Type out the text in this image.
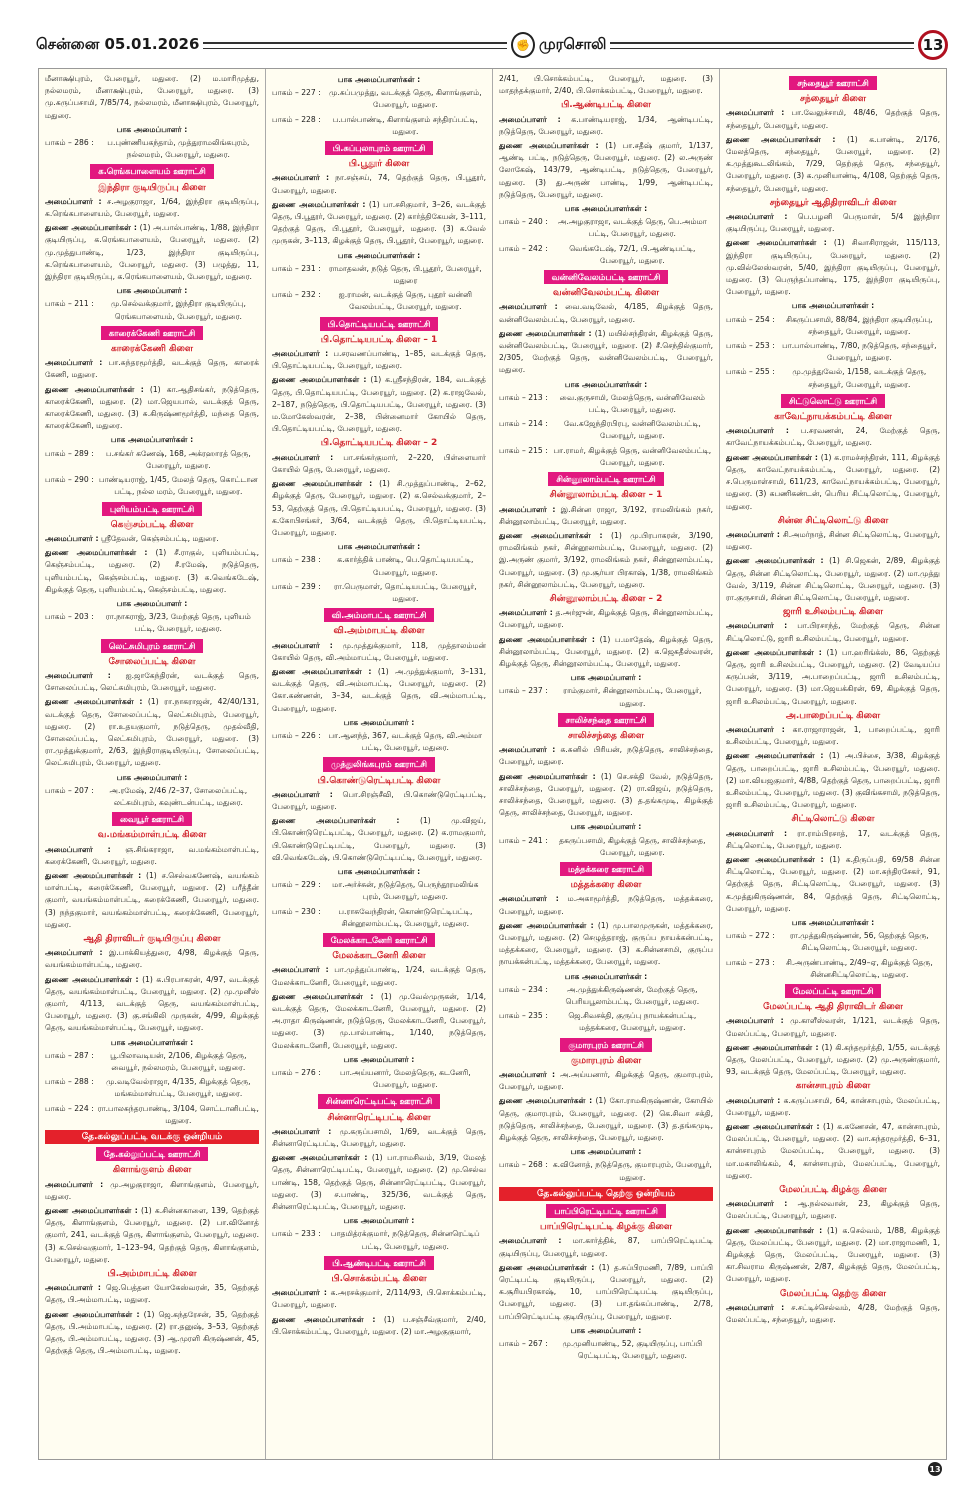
சென்னை 05.01.2026	✊ முரசொலி	13

மீனாக்ஷிபுரம், பேரையூர், மதுரை. (2) ம.மாரிமுத்து, நல்லமரம், மீனாக்ஷிபுரம், பேரையூர், மதுரை. (3) மு.கருப்பசாமி, 7/85/74, நல்லமரம், மீனாக்ஷிபுரம், பேரையூர், மதுரை.

பாக அமைப்பாளர் :
பாகம் – 286 :	ப.புண்ணியகந்தாம், முத்துராமலிங்கபுரம், நல்லமரம், பேரையூர், மதுரை.
க.ரெங்கபாளையம் ஊராட்சி
இந்திரா குடியிருப்பு கிளை

அமைப்பாளர் : ச.அழகுராஜா, 1/64, இந்திரா குடியிருப்பு, க.ரெங்கபாளையம், பேரையூர், மதுரை.

துணை அமைப்பாளர்கள் : (1) அ.பால்பாண்டி, 1/88, இந்திரா குடியிருப்பு, க.ரெங்கபாளையம், பேரையூர், மதுரை. (2) மு.முத்துபாண்டி, 1/23, இந்திரா குடியிருப்பு, க.ரெங்கபாளையம், பேரையூர், மதுரை. (3) பழுத்து, 11, இந்திரா குடியிருப்பு, க.ரெங்கபாளையம், பேரையூர், மதுரை.

பாக அமைப்பாளர் :
பாகம் – 211 :	மு.செல்வக்குமார், இந்திரா குடியிருப்பு, ரெங்கபாளையம், பேரையூர், மதுரை.
காரைக்கேணி ஊராட்சி
காரைக்கேணி கிளை

அமைப்பாளர் : பா.சுந்தரமூர்த்தி, வடக்குத் தெரு, காரைக் கேணி, மதுரை.

துணை அமைப்பாளர்கள் : (1) கா.ஆதிசங்கர், நடுத்தெரு, காரைக்கேணி, மதுரை. (2) மா.ஜெயபால், வடக்குத் தெரு, காரைக்கேணி, மதுரை. (3) சு.கிருஷ்ணமூர்த்தி, மந்தை தெரு, காரைக்கேணி, மதுரை.

பாக அமைப்பாளர்கள் :
பாகம் – 289 :	ப.சங்கர் கணேஷ், 168, அக்ரஹாரத் தெரு, பேரையூர், மதுரை.
பாகம் – 290 : பாண்டியராஜ், 1/45, மேலத் தெரு, கொட்டான பட்டி, நல்ல மரம், பேரையூர், மதுரை.
புளியம்பட்டி ஊராட்சி
கெஞ்சம்பட்டி கிளை

அமைப்பாளர் : ஸ்ரீதேவன், கெஞ்சம்பட்டி, மதுரை.

துணை அமைப்பாளர்கள் : (1) சீ.ராகுல், புளியம்பட்டி, கெஞ்சம்பட்டி, மதுரை. (2) சீ.ரமேஷ், நடுத்தெரு, புளியம்பட்டி, கெஞ்சம்பட்டி, மதுரை. (3) க.வெங்கடேஷ், கிழக்குத் தெரு, புளியம்பட்டி, கெஞ்சம்பட்டி, மதுரை.

பாக அமைப்பாளர் :
பாகம் – 203 :	ரா.நாகராஜ், 3/23, மேற்குத் தெரு, புளியம் பட்டி, பேரையூர், மதுரை.
லெட்சுமிபுரம் ஊராட்சி
சோலைப்பட்டி கிளை

அமைப்பாளர் : ஐ.ஜாகேந்திரன், வடக்குத் தெரு, சோலைப்பட்டி, லெட்சுமிபுரம், பேரையூர், மதுரை.

துணை அமைப்பாளர்கள் : (1) ரா.நாகராஜன், 42/40/131, வடக்குத் தெரு, சோலைப்பட்டி, லெட்சுமிபுரம், பேரையூர், மதுரை. (2) ரா.உதயகுமார், நடுத்தெரு, முதல்வீதி, சோலைப்பட்டி, லெட்சுமிபுரம், பேரையூர், மதுரை. (3) ரா.முத்துக்குமார், 2/63, இந்திராகுடியிருப்பு, சோலைப்பட்டி, லெட்சுமிபுரம், பேரையூர், மதுரை.

பாக அமைப்பாளர் :
பாகம் – 207 :	அ.ரமேஷ், 2/46 /2–37, சோலைப்பட்டி, லட்சுமிபுரம், கவுண்டன்பட்டி, மதுரை.
வையூர் ஊராட்சி
வ.மங்கம்மாள்பட்டி கிளை

அமைப்பாளர் : ஞ.சிங்கராஜா, வ.மங்கம்மாள்பட்டி, கரைக்கேணி, பேரையூர், மதுரை.

துணை அமைப்பாளர்கள் : (1) ச.செல்வகணேஷ், வயங்கம் மாள்பட்டி, கரைக்கேணி, பேரையூர், மதுரை. (2) பரீத்தீன் குமார், வயங்கம்மாள்பட்டி, கரைக்கேணி, பேரையூர், மதுரை. (3) நந்தகுமார், வயங்கம்மாள்பட்டி, கரைக்கேணி, பேரையூர், மதுரை.

ஆதி திராவிடர் குடியிருப்பு கிளை

அமைப்பாளர் : இ.பாக்கியத்துரை, 4/98, கிழக்குத் தெரு, வயங்கம்மாள்பட்டி, மதுரை.

துணை அமைப்பாளர்கள் : (1) க.பிரபாகரன், 4/97, வடக்குத் தெரு, வயங்கம்மாள்பட்டி, பேரையூர், மதுரை. (2) மு.முனீஸ் குமார், 4/113, வடக்குத் தெரு, வயங்கம்மாள்பட்டி, பேரையூர், மதுரை. (3) கு.சங்கிலி முருகன், 4/99, கிழக்குத் தெரு, வயங்கம்மாள்பட்டி, பேரையூர், மதுரை.

பாக அமைப்பாளர்கள் :
பாகம் – 287 :	பூ.பிலாவடியன், 2/106, கிழக்குத் தெரு, வையூர், நல்லமரம், பேரையூர், மதுரை.
பாகம் – 288 :	மு.வடிவேல்ராஜா, 4/135, கிழக்குத் தெரு, மங்கம்மாள்பட்டி, பேரையூர், மதுரை.
பாகம் – 224 : ரா.பாலசுந்தரபாண்டி, 3/104, சொட்டானிபட்டி, மதுரை.
தே.கல்லுப்பட்டி வடக்கு ஒன்றியம்
தே.கல்லுப்பட்டி ஊராட்சி
கிளாங்குளம் கிளை

அமைப்பாளர் : மு.அழகுராஜா, கிளாங்குளம், பேரையூர், மதுரை.

துணை அமைப்பாளர்கள் : (1) க.சின்னகாளை, 139, தெற்குத் தெரு, கிளாங்குளம், பேரையூர், மதுரை. (2) பா.வினோத் குமார், 241, வடக்குத் தெரு, கிளாங்குளம், பேரையூர், மதுரை. (3) க.செல்வகுமார், 1–123–94, தெற்குத் தெரு, கிளாங்குளம், பேரையூர், மதுரை.

பி.அம்மாபட்டி கிளை

அமைப்பாளர் : ஜெ.பெத்தன யோகேஸ்வரன், 35, தெற்குத் தெரு, பி.அம்மாபட்டி, மதுரை.

துணை அமைப்பாளர்கள் : (1) ஜெ.கந்தரேசன், 35, தெற்குத் தெரு, பி.அம்மாபட்டி, மதுரை. (2) ரா.தனுஷ், 3–53, தெற்குத் தெரு, பி.அம்மாபட்டி, மதுரை. (3) ஆ.முரளி கிருஷ்ணன், 45, தெற்குத் தெரு, பி.அம்மாபட்டி, மதுரை.

பாக அமைப்பாளர்கள் :
பாகம் – 227 :	மு.சுப்பமுத்து, வடக்குத் தெரு, கிளாங்குளம், பேரையூர், மதுரை.
பாகம் – 228 :	ப.பால்பாண்டி, கிளாங்குளம் சந்திரப்பட்டி, மதுரை.
பி.சுப்புலாபுரம் ஊராட்சி
பி.பூதூர் கிளை

அமைப்பாளர் : நா.சஞ்சய், 74, தெற்குத் தெரு, பி.பூதூர், பேரையூர், மதுரை.

துணை அமைப்பாளர்கள் : (1) பா.சசிகுமார், 3–26, வடக்குத் தெரு, பி.பூதூர், பேரையூர், மதுரை. (2) கார்த்திகேயன், 3–111, தெற்குத் தெரு, பி.பூதூர், பேரையூர், மதுரை. (3) க.வேல் முருகன், 3–113, கிழக்குத் தெரு, பி.பூதூர், பேரையூர், மதுரை.

பாக அமைப்பாளர்கள் :
பாகம் – 231 :	ராமாதவன், நடுத் தெரு, பி.பூதூர், பேரையூர், மதுரை
பாகம் – 232 :	ஐ.ராமன், வடக்குத் தெரு, புதூர் வன்னி வேலம்பட்டி, பேரையூர், மதுரை.
பி.தொட்டியபட்டி ஊராட்சி
பி.தொட்டியபட்டி கிளை – 1

அமைப்பாளர் : ப.சரவணப்பாண்டி, 1–85, வடக்குத் தெரு, பி.தொட்டியபட்டி, பேரையூர், மதுரை.

துணை அமைப்பாளர்கள் : (1) க.ஸ்ரீசந்திரன், 184, வடக்குத் தெரு, பி.தொட்டியபட்டி, பேரையூர், மதுரை. (2) க.ராஜவேல், 2–187, நடுத்தெரு, பி.தொட்டியபட்டி, பேரையூர், மதுரை. (3) ம.மோகேஸ்வரன், 2–38, பின்னைமார் கோயில் தெரு, பி.தொட்டியபட்டி, பேரையூர், மதுரை.

பி.தொட்டியபட்டி கிளை – 2

அமைப்பாளர் : பா.சங்கர்குமார், 2–220, பிள்ளையார் கோயில் தெரு, பேரையூர், மதுரை.

துணை அமைப்பாளர்கள் : (1) சி.முத்துப்பாண்டி, 2–62, கிழக்குத் தெரு, பேரையூர், மதுரை. (2) க.செல்வக்குமார், 2–53, தெற்குத் தெரு, பி.தொட்டியபட்டி, பேரையூர், மதுரை. (3) க.கோபிசங்கர், 3/64, வடக்குத் தெரு, பி.தொட்டியபட்டி, பேரையூர், மதுரை.

பாக அமைப்பாளர்கள் :
பாகம் – 238 :	க.கார்த்திக் பாண்டி, பெ.தொட்டியபட்டி, பேரையூர், மதுரை.
பாகம் – 239 :	ரா.பெருமாள், தொட்டியபட்டி, பேரையூர், மதுரை.
வி.அம்மாபட்டி ஊராட்சி
வி.அம்மாபட்டி கிளை

அமைப்பாளர் : மு.முத்துக்குமார், 118, முத்தாலம்மன் கோயில் தெரு, வி.அம்மாபட்டி, பேரையூர், மதுரை.

துணை அமைப்பாளர்கள் : (1) அ.முத்துக்குமார், 3–131, வடக்குத் தெரு, வி.அம்மாபட்டி, பேரையூர், மதுரை. (2) கோ.கண்ணன், 3–34, வடக்குத் தெரு, வி.அம்மாபட்டி, பேரையூர், மதுரை.

பாக அமைப்பாளர் :
பாகம் – 226 :	பா.ஆனந்த், 367, வடக்குத் தெரு, வி.அம்மா பட்டி, பேரையூர், மதுரை.
முத்துலிங்கபுரம் ஊராட்சி
பி.கொண்டுரெட்டிபட்டி கிளை

அமைப்பாளர் : பொ.சிரஞ்சீவி, பி.கொண்டுரெட்டிபட்டி, பேரையூர், மதுரை.

துணை அமைப்பாளர்கள் :	(1) மு.விஜய், பி.கொண்டுரெட்டிபட்டி, பேரையூர், மதுரை. (2) க.ராமகுமார், பி.கொண்டுரெட்டிபட்டி, பேரையூர், மதுரை. (3) வி.வெங்கடேஷ், பி.கொண்டுரெட்டிபட்டி, பேரையூர், மதுரை.

பாக அமைப்பாளர்கள் :
பாகம் – 229 :	மா.அர்ச்சுன், நடுத்தெரு, பெருந்தூரமலிங்க புரம், பேரையூர், மதுரை.
பாகம் – 230 :	ப.ராசுவேந்திரன், கொண்டுரெட்டிபட்டி, சின்னூலாம்பட்டி, பேரையூர், மதுரை.
மேலக்காடனேரி ஊராட்சி
மேலக்காடனேரி கிளை

அமைப்பாளர் : பா.முத்துப்பாண்டி, 1/24, வடக்குத் தெரு, மேலக்காடனேரி, பேரையூர், மதுரை.

துணை அமைப்பாளர்கள் : (1) மு.வேல்முருகன், 1/14, வடக்குத் தெரு, மேலக்காடனேரி, பேரையூர், மதுரை. (2) அ.ராதா கிருஷ்ணன், நடுத்தெரு, மேலக்காடனேரி, பேரையூர், மதுரை. (3) மு.பால்பாண்டி, 1/140, நடுத்தெரு, மேலக்காடனேரி, பேரையூர், மதுரை.

பாக அமைப்பாளர் :
பாகம் – 276 :	பா.அய்யனார், மேலத்தெரு, கடனேரி, பேரையூர், மதுரை.
சின்னாரெட்டிபட்டி ஊராட்சி
சின்னாரெட்டிபட்டி கிளை

அமைப்பாளர் : மு.கருப்பசாமி, 1/69, வடக்குத் தெரு, சின்னாரெட்டிபட்டி, பேரையூர், மதுரை.

துணை அமைப்பாளர்கள் : (1) பா.ராமசிவம், 3/19, மேலத் தெரு, சின்னாரெட்டிபட்டி, பேரையூர், மதுரை. (2) மு.செல்வ பாண்டி, 158, தெற்குத் தெரு, சின்னாரெட்டிபட்டி, பேரையூர், மதுரை. (3) ச.பாண்டி, 325/36, வடக்குத் தெரு, சின்னாரெட்டிபட்டி, பேரையூர், மதுரை.

பாக அமைப்பாளர் :
பாகம் – 233 :	பாதமித்ரக்குமார், நடுத்தெரு, சின்னரெட்டிப் பட்டி, பேரையூர், மதுரை.
பி.ஆண்டிபட்டி ஊராட்சி
பி.சொக்கம்பட்டி கிளை

அமைப்பாளர் : க.அரசக்குமார், 2/114/93, பி.சொக்கம்பட்டி, பேரையூர், மதுரை.

துணை அமைப்பாளர்கள் : (1) ப.சஞ்சீவ்குமார், 2/40, பி.சொக்கம்பட்டி, பேரையூர், மதுரை. (2) மா.அழகுகுமார்,

2/41, பி.சொக்கம்பட்டி, பேரையூர், மதுரை. (3) மாதந்தக்குமார், 2/40, பி.சொக்கம்பட்டி, பேரையூர், மதுரை.

பி.ஆண்டிபட்டி கிளை

அமைப்பாளர் : க.பாண்டியராஜ், 1/34, ஆண்டிபட்டி, நடுத்தெரு, பேரையூர், மதுரை.

துணை அமைப்பாளர்கள் : (1) பா.சதீஷ் குமார், 1/137, ஆண்டி பட்டி, நடுத்தெரு, பேரையூர், மதுரை. (2) ல.அருண் லோகேஷ், 143/79, ஆண்டிபட்டி, நடுத்தெரு, பேரையூர், மதுரை. (3) து.அருண் பாண்டி, 1/99, ஆண்டிபட்டி, நடுத்தெரு, பேரையூர், மதுரை.

பாக அமைப்பாளர்கள் :
பாகம் – 240 :	அ.அழகுராஜா, வடக்குத் தெரு, பெ.அம்மா பட்டி, பேரையூர், மதுரை.
பாகம் – 242 :	வெங்கடேஷ், 72/1, பி.ஆண்டிபட்டி, பேரையூர், மதுரை.
வன்னிவேலம்பட்டி ஊராட்சி
வன்னிவேலம்பட்டி கிளை

அமைப்பாளர் : வை.வடிவேல், 4/185, கிழக்குத் தெரு, வன்னிவேலம்பட்டி, பேரையூர், மதுரை.

துணை அமைப்பாளர்கள் : (1) மயில்சந்திரன், கிழக்குத் தெரு, வன்னிவேலம்பட்டி, பேரையூர், மதுரை. (2) சீ.செந்தில்குமார், 2/305, மேற்குத் தெரு, வன்னிவேலம்பட்டி, பேரையூர், மதுரை.

பாக அமைப்பாளர்கள் :
பாகம் – 213 :	வை.குருசாமி, மேலத்தெரு, வன்னிவேலம் பட்டி, பேரையூர், மதுரை.
பாகம் – 214 :	வே.கஜேந்திரபிரபு, வன்னிவேலம்பட்டி, பேரையூர், மதுரை.
பாகம் – 215 : பா.ராமர், கிழக்குத் தெரு, வன்னிவேலம்பட்டி, பேரையூர், மதுரை.
சின்னூலாம்பட்டி ஊராட்சி
சின்னூலாம்பட்டி கிளை – 1

அமைப்பாளர் : இ.சின்ன ராஜா, 3/192, ராமலிங்கம் நகர், சின்னூலாம்பட்டி, பேரையூர், மதுரை.

துணை அமைப்பாளர்கள் : (1) மு.பிரபாகரன், 3/190, ராமலிங்கம் நகர், சின்னூலாம்பட்டி, பேரையூர், மதுரை. (2) இ.அருண் குமார், 3/192, ராமலிங்கம் நகர், சின்னூலாம்பட்டி, பேரையூர், மதுரை. (3) மு.சூர்யா பிரகாஷ், 1/38, ராமலிங்கம் நகர், சின்னூலாம்பட்டி, பேரையூர், மதுரை.

சின்னூலாம்பட்டி கிளை – 2

அமைப்பாளர் : த.அர்ஜுன், கிழக்குத் தெரு, சின்னூலாம்பட்டி, பேரையூர், மதுரை.

துணை அமைப்பாளர்கள் : (1) ப.மாதேஷ், கிழக்குத் தெரு, சின்னூலாம்பட்டி, பேரையூர், மதுரை. (2) க.ஜெகதீஸ்வரன், கிழக்குத் தெரு, சின்னூலாம்பட்டி, பேரையூர், மதுரை.

பாக அமைப்பாளர் :
பாகம் – 237 :	ராம்குமார், சின்னூலாம்பட்டி, பேரையூர், மதுரை.
சாலிச்சந்தை ஊராட்சி
சாலிச்சந்தை கிளை

அமைப்பாளர் : சு.சுனில் பிரியன், நடுத்தெரு, சாலிச்சந்தை, பேரையூர், மதுரை.

துணை அமைப்பாளர்கள் : (1) செ.சக்தி வேல், நடுத்தெரு, சாலிச்சந்தை, பேரையூர், மதுரை. (2) ரா.விஜய், நடுத்தெரு, சாலிச்சந்தை, பேரையூர், மதுரை. (3) த.தங்கமுடி, கிழக்குத் தெரு, சாலிச்சந்தை, பேரையூர், மதுரை.

பாக அமைப்பாளர் :
பாகம் – 241 :	தகருப்பசாமி, கிழக்குத் தெரு, சாலிச்சந்தை, பேரையூர், மதுரை.
மத்தக்கரை ஊராட்சி
மத்தக்கரை கிளை

அமைப்பாளர் : ம.அகாமூர்த்தி, நடுத்தெரு, மத்தக்கரை, பேரையூர், மதுரை.

துணை அமைப்பாளர்கள் : (1) மு.பாலமுருகன், மத்தக்கரை, பேரையூர், மதுரை. (2) செழுத்தராஜ், குருப்ப நாயக்கன்பட்டி, மத்தக்கரை, பேரையூர், மதுரை. (3) க.சின்னசாமி, குருப்ப நாயக்கன்பட்டி, மத்தக்கரை, பேரையூர், மதுரை.

பாக அமைப்பாளர்கள் :
பாகம் – 234 :	அ.முத்துக்கிருஷ்ணன், மேற்குத் தெரு, பெரியபூலாம்பட்டி, பேரையூர், மதுரை.
பாகம் – 235 :	ஜெ.சிவசக்தி, குருப்பு நாயக்கன்பட்டி, மத்தக்கரை, பேரையூர், மதுரை.
குமாரபுரம் ஊராட்சி
குமாரபுரம் கிளை

அமைப்பாளர் : அ.அய்யனார், கிழக்குத் தெரு, குமாரபுரம், பேரையூர், மதுரை.

துணை அமைப்பாளர்கள் : (1) கோ.ராமகிருஷ்ணன், கோயில் தெரு, குமாரபுரம், பேரையூர், மதுரை. (2) கெ.சிவா சக்தி, நடுத்தெரு, சாலிச்சந்தை, பேரையூர், மதுரை. (3) த.தங்கமுடி, கிழக்குத் தெரு, சாலிச்சந்தை, பேரையூர், மதுரை.

பாக அமைப்பாளர் :
பாகம் – 268 : க.வினோத், நடுத்தெரு, குமாரபுரம், பேரையூர், மதுரை.
தே.கல்லுப்பட்டி தெற்கு ஒன்றியம்
பாப்பிரெட்டிபட்டி ஊராட்சி
பாப்பிரெட்டிபட்டி கிழக்கு கிளை

அமைப்பாளர் : மா.கார்த்திக், 87, பாப்பிரெட்டிபட்டி குடியிருப்பு, பேரையூர், மதுரை.

துணை அமைப்பாளர்கள் : (1) த.சுப்பிரமணி, 7/89, பாப்பி ரெட்டிபட்டி குடியிருப்பு, பேரையூர், மதுரை. (2) க.சூரியபிரகாஷ், 10, பாப்பிரெட்டிபட்டி குடியிருப்பு, பேரையூர், மதுரை. (3) பா.தங்கப்பாண்டி, 2/78, பாப்பிரெட்டிபட்டி குடியிருப்பு, பேரையூர், மதுரை.

பாக அமைப்பாளர் :
பாகம் – 267 :	மு.முனியாண்டி, 52, குடியிருப்பு, பாப்பி ரெட்டிபட்டி, பேரையூர், மதுரை.
சந்தையூர் ஊராட்சி
சந்தையூர் கிளை

அமைப்பாளர் : பா.வேலுச்சாமி, 48/46, தெற்குத் தெரு, சந்தையூர், பேரையூர், மதுரை.

துணை அமைப்பாளர்கள் : (1) க.பாண்டி, 2/176, மேலத்தெரு, சந்தையூர், பேரையூர், மதுரை. (2) க.முத்துகூடலிங்கம், 7/29, தெற்குத் தெரு, சந்தையூர், பேரையூர், மதுரை. (3) க.முனியாண்டி, 4/108, தெற்குத் தெரு, சந்தையூர், பேரையூர், மதுரை.

சந்தையூர் ஆதிதிராவிடர் கிளை

அமைப்பாளர் : பெ.பழனி பெருமாள், 5/4 இந்திரா குடியிருப்பு, பேரையூர், மதுரை.

துணை அமைப்பாளர்கள் : (1) சிவாசிராஜன், 115/113, இந்திரா குடியிருப்பு, பேரையூர், மதுரை. (2) மு.வில்லேஸ்வரன், 5/40, இந்திரா குடியிருப்பு, பேரையூர், மதுரை. (3) பெருந்தப்பாண்டி, 175, இந்திரா குடியிருப்பு, பேரையூர், மதுரை.

பாக அமைப்பாளர்கள் :
பாகம் – 254 :	சிகருப்பசாமி, 88/84, இந்திரா குடியிருப்பு, சந்தையூர், பேரையூர், மதுரை.
பாகம் – 253 : பா.பால்பாண்டி, 7/80, நடுத்தெரு, சந்தையூர், பேரையூர், மதுரை.
பாகம் – 255 :	மு.முத்துவேல், 1/158, வடக்குத் தெரு, சந்தையூர், பேரையூர், மதுரை.
சிட்டுலொட்டு ஊராட்சி
காவேட்நாயக்கம்பட்டி கிளை

அமைப்பாளர் : ப.சரவணன், 24, மேற்குத் தெரு, காவேட்நாயக்கம்பட்டி, பேரையூர், மதுரை.

துணை அமைப்பாளர்கள் : (1) க.ராமச்சந்திரன், 111, கிழக்குத் தெரு, காவேட்நாயக்கம்பட்டி, பேரையூர், மதுரை. (2) ச.பெருமாள்சாமி, 611/23, காவேட்நாயக்கம்பட்டி, பேரையூர், மதுரை. (3) கபணிகண்டன், பெரிய சிட்டிலொட்டி, பேரையூர், மதுரை.

சின்ன சிட்டிலொட்டு கிளை

அமைப்பாளர் : சி.அமர்நாத், சின்ன சிட்டிலொட்டி, பேரையூர், மதுரை.

துணை அமைப்பாளர்கள் : (1) சி.ஜெகன், 2/89, கிழக்குத் தெரு, சின்ன சிட்டிலொட்டி, பேரையூர், மதுரை. (2) மா.முத்து வேல், 3/119, சின்ன சிட்டிலொட்டி, பேரையூர், மதுரை. (3) ரா.குருசாமி, சின்ன சிட்டிலொட்டி, பேரையூர், மதுரை.

ஜாரி உசிலம்பட்டி கிளை

அமைப்பாளர் : பா.பிரசாந்த், மேற்குத் தெரு, சின்ன சிட்டிலொட்டு, ஜாரி உசிலம்பட்டி, பேரையூர், மதுரை.

துணை அமைப்பாளர்கள் : (1) பா.ஹரிங்க்ஸ், 86, தெற்குத் தெரு, ஜாரி உசிலம்பட்டி, பேரையூர், மதுரை. (2) வேடியப்ப கருப்பன், 3/119, அ.பாறைப்பட்டி, ஜாரி உசிலம்பட்டி, பேரையூர், மதுரை. (3) மா.ஜெயக்கிரன், 69, கிழக்குத் தெரு, ஜாரி உசிலம்பட்டி, பேரையூர், மதுரை.

அ.பாறைப்பட்டி கிளை

அமைப்பாளர் : கா.ராஜாராஜன், 1, பாறைப்பட்டி, ஜாரி உசிலம்பட்டி, பேரையூர், மதுரை.

துணை அமைப்பாளர்கள் : (1) அ.பிச்சை, 3/38, கிழக்குத் தெரு, பாறைப்பட்டி, ஜாரி உசிலம்பட்டி, பேரையூர், மதுரை. (2) மா.வியஜகுமார், 4/88, தெற்குத் தெரு, பாறைப்பட்டி, ஜாரி உசிலம்பட்டி, பேரையூர், மதுரை. (3) குவிங்கசாமி, நடுத்தெரு, ஜாரி உசிலம்பட்டி, பேரையூர், மதுரை.

சிட்டிலொட்டு கிளை

அமைப்பாளர் : ரா.ராம்பிரசாத், 17, வடக்குத் தெரு, சிட்டிலொட்டி, பேரையூர், மதுரை.

துணை அமைப்பாளர்கள் : (1) க.திருப்பதி, 69/58 சின்ன சிட்டிலொட்டி, பேரையூர், மதுரை. (2) மா.சுந்திரசேகர், 91, தெற்குத் தெரு, சிட்டிலொட்டி, பேரையூர், மதுரை. (3) க.முத்துகிருஷ்ணன், 84, தெற்குத் தெரு, சிட்டிலொட்டி, பேரையூர், மதுரை.

பாக அமைப்பாளர்கள் :
பாகம் – 272 :	ரா.முத்துகிருஷ்ணன், 56, தெற்குத் தெரு, சிட்டிலொட்டி, பேரையூர், மதுரை.
பாகம் – 273 :	சி.அருண்பாண்டி, 2/49–ஏ, கிழக்குத் தெரு, சின்னசிட்டிலொட்டி, மதுரை.
மேலப்பட்டி ஊராட்சி
மேலப்பட்டி ஆதி திராவிடர் கிளை

அமைப்பாளர் : மு.காளீஸ்வரன், 1/121, வடக்குத் தெரு, மேலப்பட்டி, பேரையூர், மதுரை.

துணை அமைப்பாளர்கள் : (1) கி.கந்தமூர்த்தி, 1/55, வடக்குத் தெரு, மேலப்பட்டி, பேரையூர், மதுரை. (2) மு.அருண்குமார், 93, வடக்குத் தெரு, மேலப்பட்டி, பேரையூர், மதுரை.

கான்சாபுரம் கிளை

அமைப்பாளர் : க.கருப்பசாமி, 64, கான்சாபுரம், மேலப்பட்டி, பேரையூர், மதுரை.

துணை அமைப்பாளர்கள் : (1) க.கணேசன், 47, கான்சாபுரம், மேலப்பட்டி, பேரையூர், மதுரை. (2) வா.சுந்தரமூர்த்தி, 6–31, கான்சாபுரம் மேலப்பட்டி, பேரையூர், மதுரை. (3) மா.மகாலிங்கம், 4, கான்சாபுரம், மேலப்பட்டி, பேரையூர், மதுரை.

மேலப்பட்டி கிழக்கு கிளை

அமைப்பாளர் : ஆ.நல்லவான், 23, கிழக்குத் தெரு, மேலப்பட்டி, பேரையூர், மதுரை.

துணை அமைப்பாளர்கள் : (1) க.செல்வம், 1/88, கிழக்குத் தெரு, மேலப்பட்டி, பேரையூர், மதுரை. (2) மா.ராஜாமணி, 1, கிழக்குத் தெரு, மேலப்பட்டி, பேரையூர், மதுரை. (3) கா.சிவராம கிருஷ்ணன், 2/87, கிழக்குத் தெரு, மேலப்பட்டி, பேரையூர், மதுரை.

மேலப்பட்டி தெற்கு கிளை

அமைப்பாளர் : ச.சட்டிச்செல்வம், 4/28, மேற்குத் தெரு, மேலப்பட்டி, சந்தையூர், மதுரை.

13
